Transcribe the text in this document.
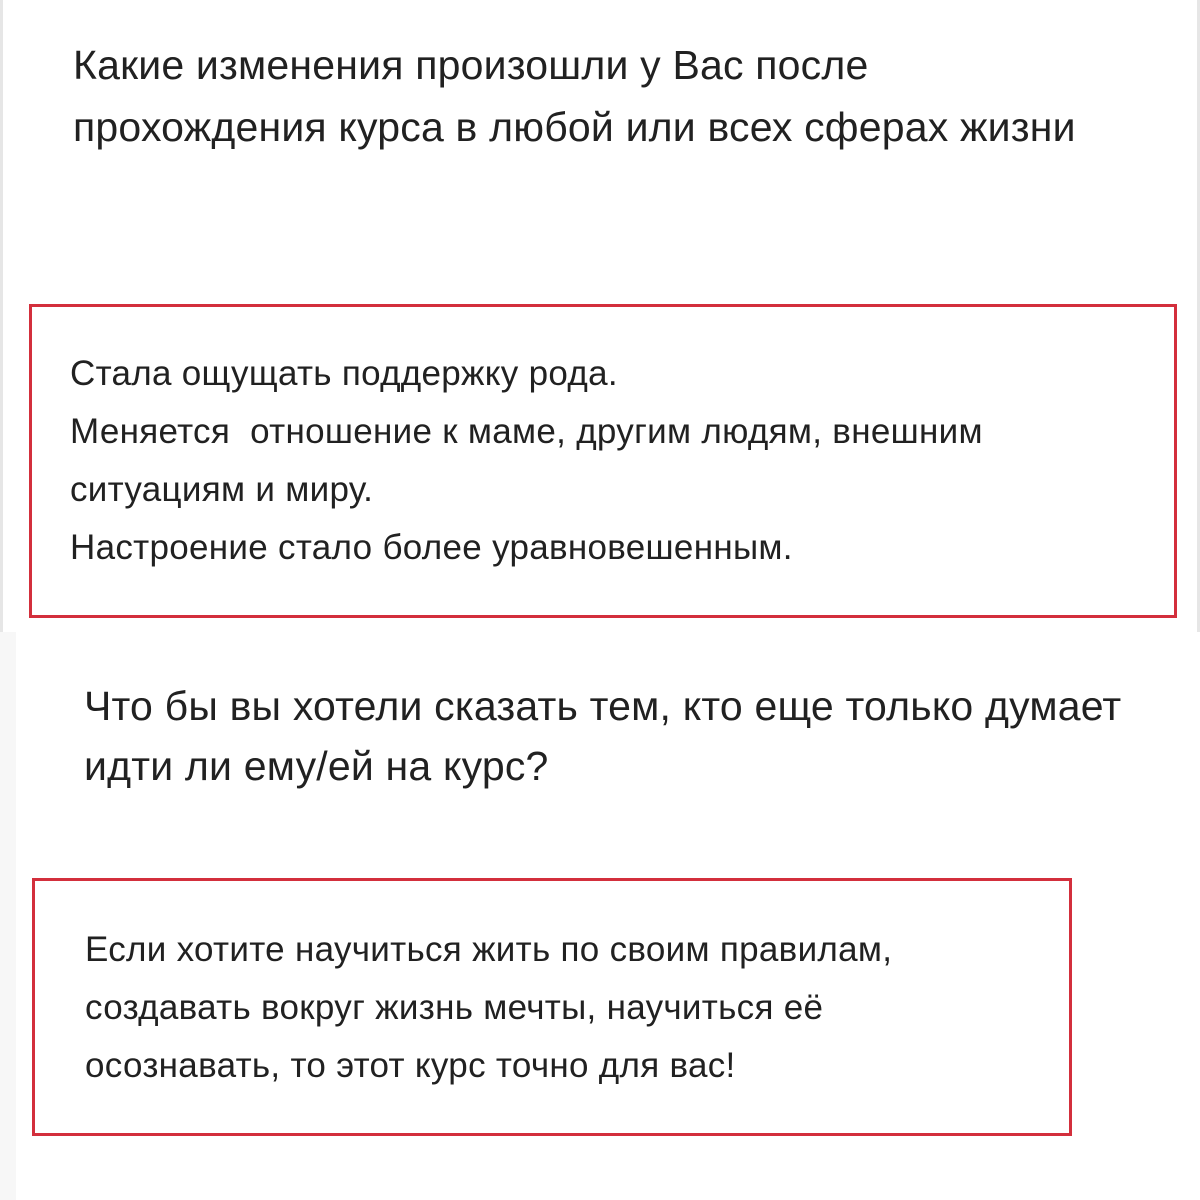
Какие изменения произошли у Вас после прохождения курса в любой или всех сферах жизни

Стала ощущать поддержку рода.
Меняется  отношение к маме, другим людям, внешним
ситуациям и миру.
Настроение стало более уравновешенным.

Что бы вы хотели сказать тем, кто еще только думает идти ли ему/ей на курс?

Если хотите научиться жить по своим правилам,
создавать вокруг жизнь мечты, научиться её
осознавать, то этот курс точно для вас!
